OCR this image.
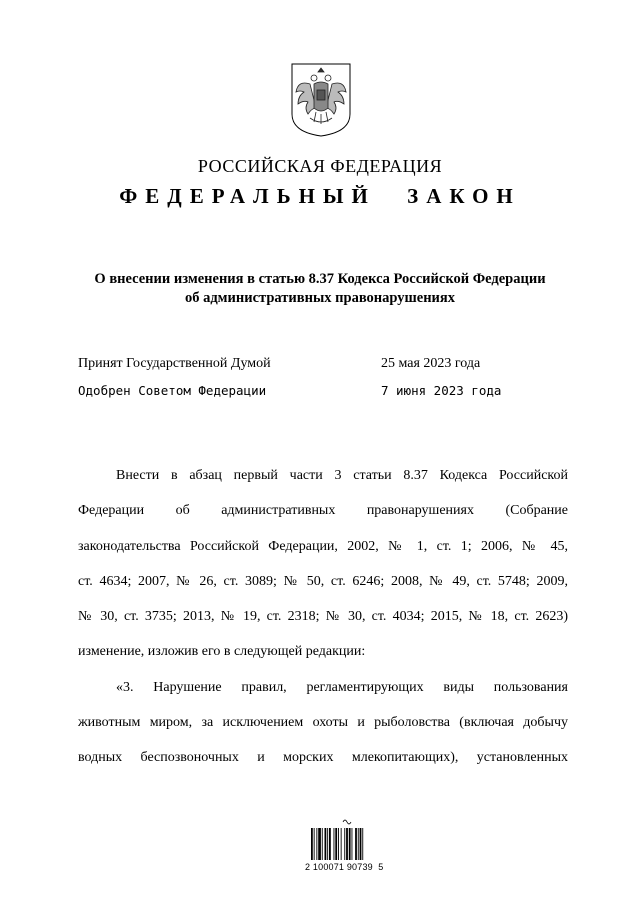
РОССИЙСКАЯ ФЕДЕРАЦИЯ
ФЕДЕРАЛЬНЫЙ ЗАКОН
О внесении изменения в статью 8.37 Кодекса Российской Федерации
об административных правонарушениях
Принят Государственной Думой	25 мая 2023 года
Одобрен Советом Федерации	7 июня 2023 года
Внести в абзац первый части 3 статьи 8.37 Кодекса Российской
Федерации об административных правонарушениях (Собрание
законодательства Российской Федерации, 2002, № 1, ст. 1; 2006, № 45,
ст. 4634; 2007, № 26, ст. 3089; № 50, ст. 6246; 2008, № 49, ст. 5748; 2009,
№ 30, ст. 3735; 2013, № 19, ст. 2318; № 30, ст. 4034; 2015, № 18, ст. 2623)
изменение, изложив его в следующей редакции:
«3. Нарушение правил, регламентирующих виды пользования
животным миром, за исключением охоты и рыболовства (включая добычу
водных беспозвоночных и морских млекопитающих), установленных
2 100071 90739  5
